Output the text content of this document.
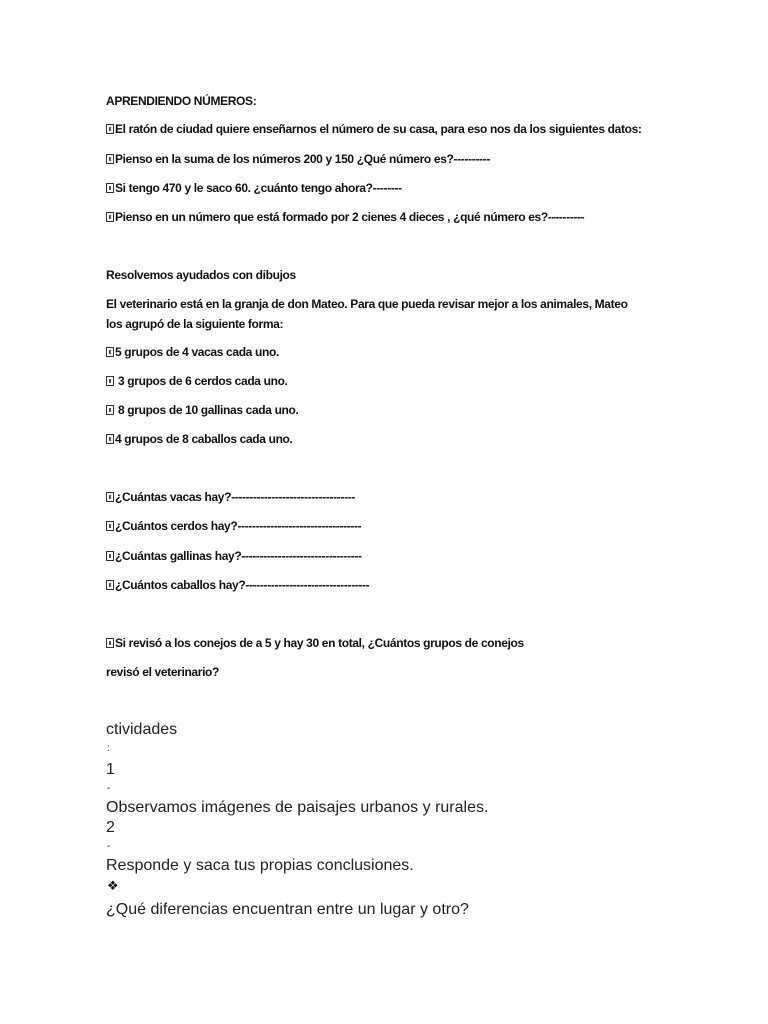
APRENDIENDO NÚMEROS:
El ratón de ciudad quiere enseñarnos el número de su casa, para eso nos da los siguientes datos:
Pienso en la suma de los números 200 y 150 ¿Qué número es?----------
Si tengo 470 y le saco 60. ¿cuánto tengo ahora?--------
Pienso en un número que está formado por 2 cienes 4 dieces , ¿qué número es?----------
Resolvemos ayudados con dibujos
El veterinario está en la granja de don Mateo. Para que pueda revisar mejor a los animales, Mateo
los agrupó de la siguiente forma:
5 grupos de 4 vacas cada uno.
3 grupos de 6 cerdos cada uno.
8 grupos de 10 gallinas cada uno.
4 grupos de 8 caballos cada uno.
¿Cuántas vacas hay?----------------------------------
¿Cuántos cerdos hay?----------------------------------
¿Cuántas gallinas hay?---------------------------------
¿Cuántos caballos hay?----------------------------------
Si revisó a los conejos de a 5 y hay 30 en total, ¿Cuántos grupos de conejos
revisó el veterinario?
ctividades
:
1
-
Observamos imágenes de paisajes urbanos y rurales.
2
-
Responde y saca tus propias conclusiones.
❖
¿Qué diferencias encuentran entre un lugar y otro?
